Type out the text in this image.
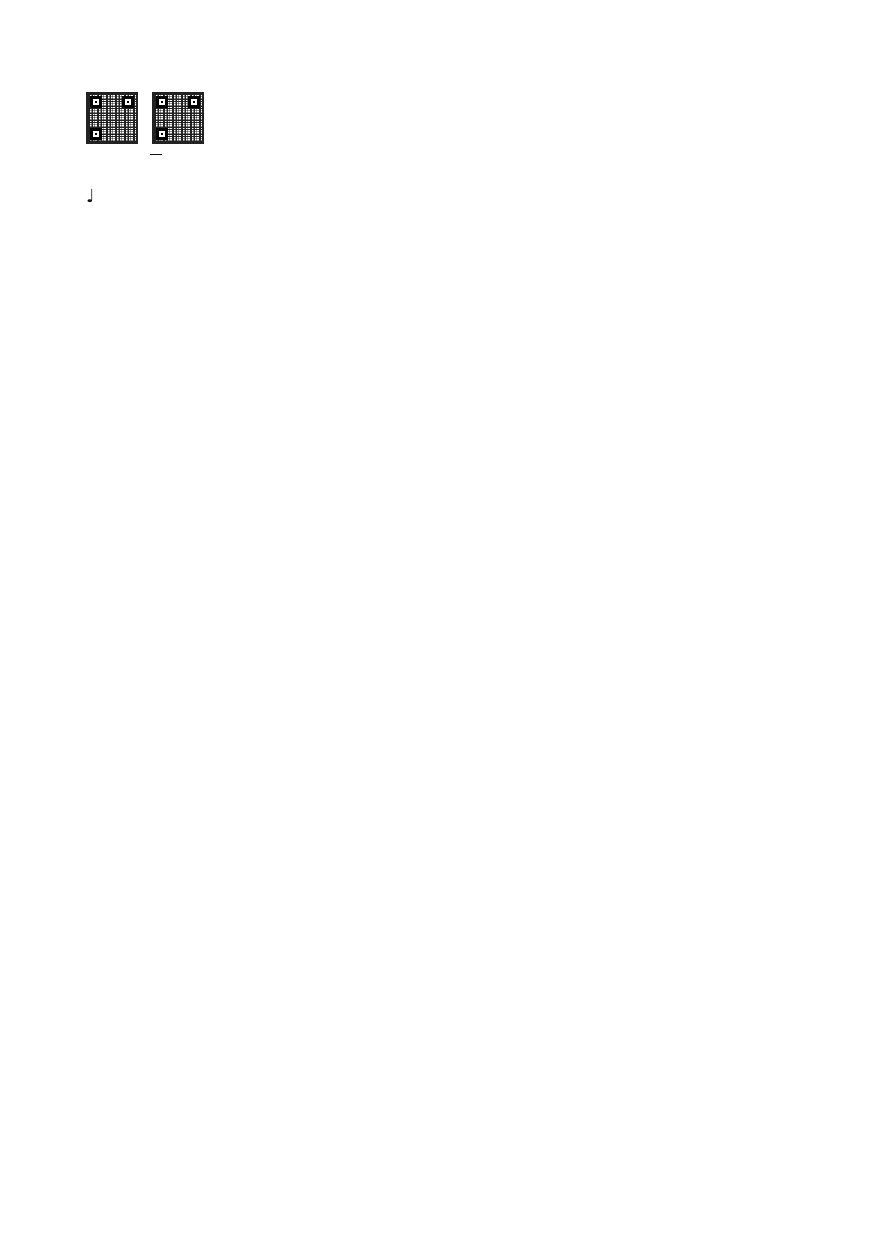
♩
